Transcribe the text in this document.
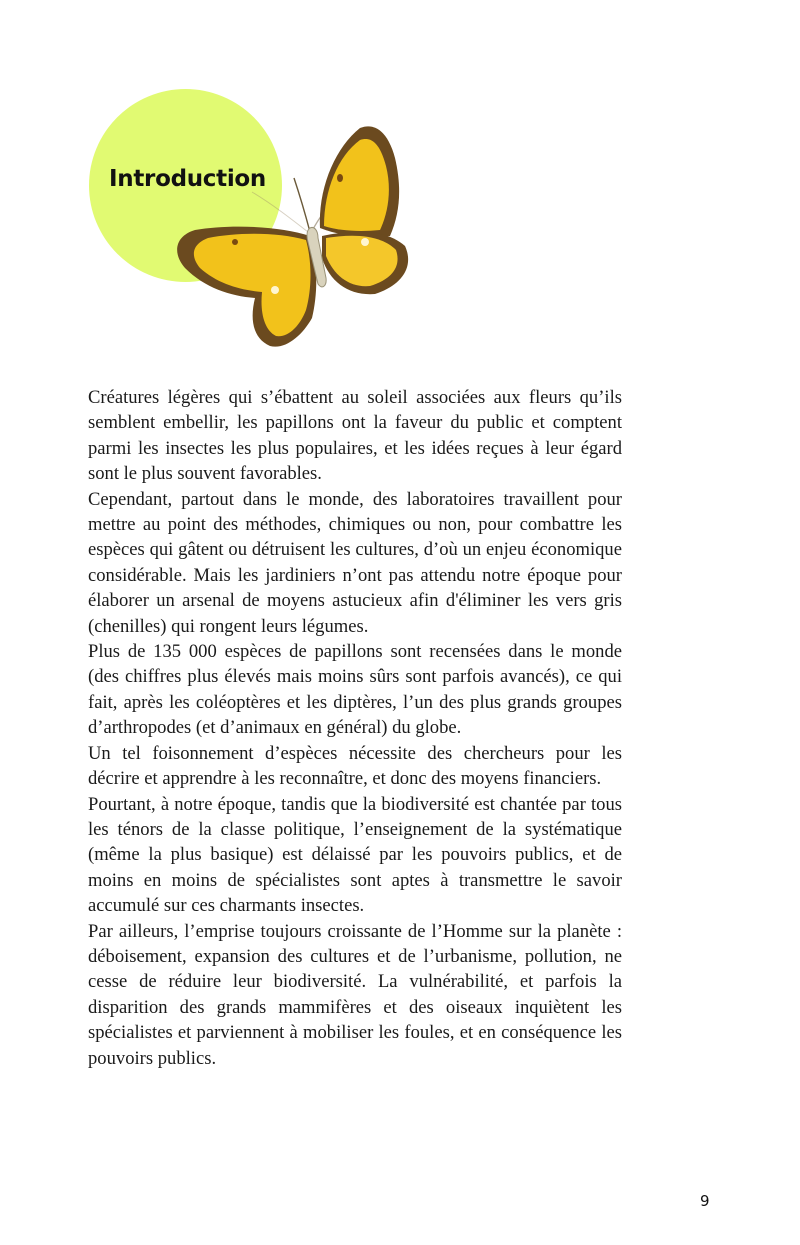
Introduction

Créatures légères qui s’ébattent au soleil associées aux fleurs qu’ils semblent embellir, les papillons ont la faveur du public et comptent parmi les insectes les plus populaires, et les idées reçues à leur égard sont le plus souvent favorables.

Cependant, partout dans le monde, des laboratoires travaillent pour mettre au point des méthodes, chimiques ou non, pour combattre les espèces qui gâtent ou détruisent les cultures, d’où un enjeu économique considérable. Mais les jardiniers n’ont pas attendu notre époque pour élaborer un arsenal de moyens astucieux afin d'éliminer les vers gris (chenilles) qui rongent leurs légumes.

Plus de 135 000 espèces de papillons sont recensées dans le monde (des chiffres plus élevés mais moins sûrs sont parfois avancés), ce qui fait, après les coléoptères et les diptères, l’un des plus grands groupes d’arthropodes (et d’animaux en général) du globe.

Un tel foisonnement d’espèces nécessite des chercheurs pour les décrire et apprendre à les reconnaître, et donc des moyens financiers.

Pourtant, à notre époque, tandis que la biodiversité est chantée par tous les ténors de la classe politique, l’enseignement de la systématique (même la plus basique) est délaissé par les pouvoirs publics, et de moins en moins de spécialistes sont aptes à transmettre le savoir accumulé sur ces charmants insectes.

Par ailleurs, l’emprise toujours croissante de l’Homme sur la planète : déboisement, expansion des cultures et de l’urbanisme, pollution, ne cesse de réduire leur biodiversité. La vulnérabilité, et parfois la disparition des grands mammifères et des oiseaux inquiètent les spécialistes et parviennent à mobiliser les foules, et en conséquence les pouvoirs publics.

9
